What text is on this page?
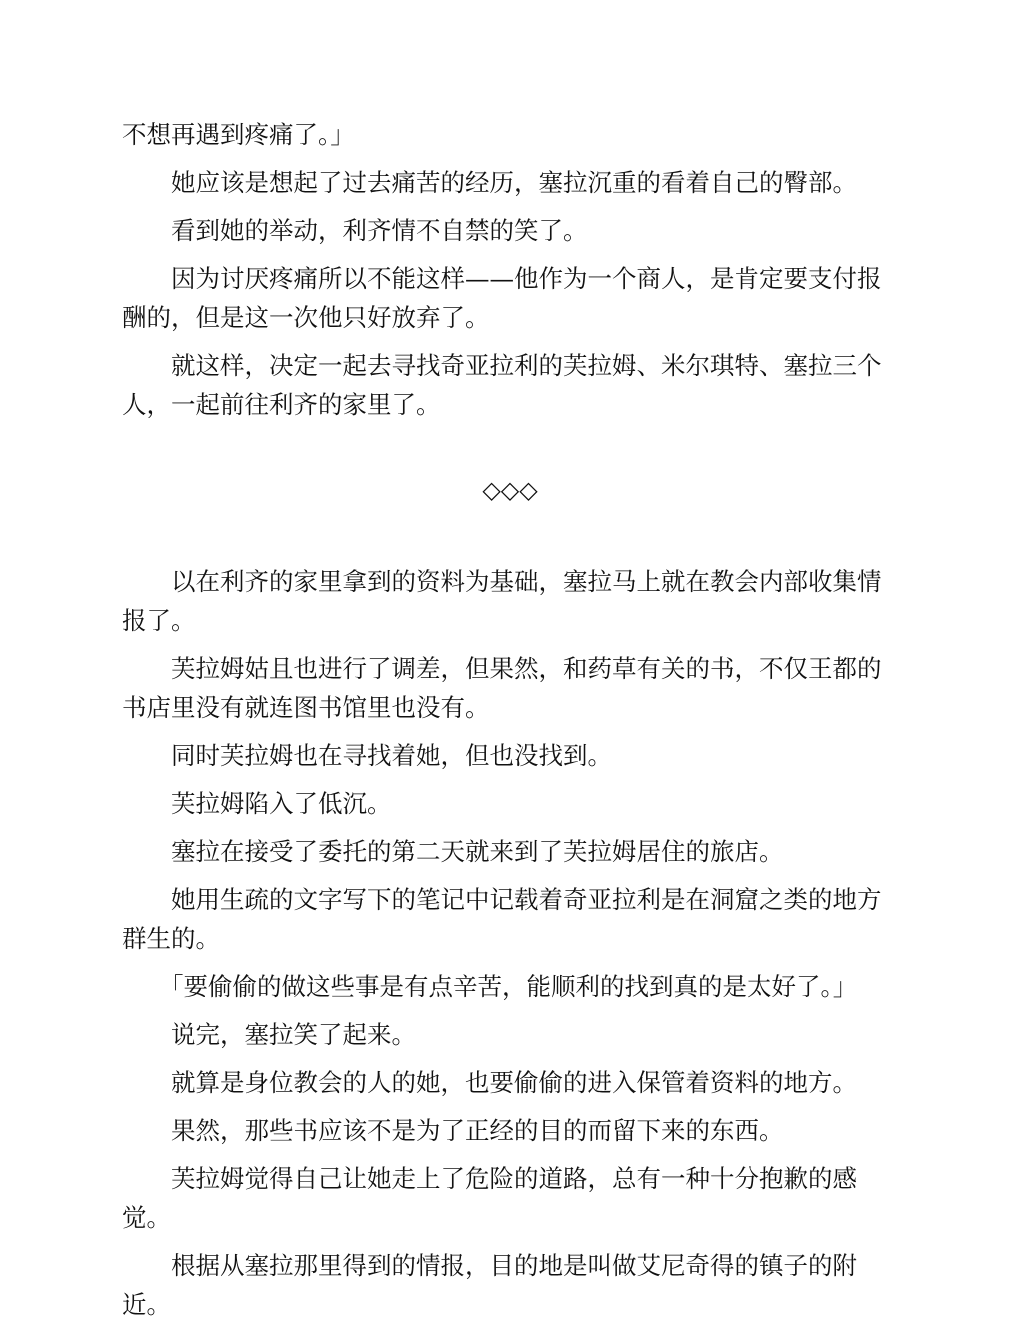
不想再遇到疼痛了。」

她应该是想起了过去痛苦的经历，塞拉沉重的看着自己的臀部。

看到她的举动，利齐情不自禁的笑了。

因为讨厌疼痛所以不能这样——他作为一个商人，是肯定要支付报酬的，但是这一次他只好放弃了。

就这样，决定一起去寻找奇亚拉利的芙拉姆、米尔琪特、塞拉三个人，一起前往利齐的家里了。

◇◇◇

以在利齐的家里拿到的资料为基础，塞拉马上就在教会内部收集情报了。

芙拉姆姑且也进行了调差，但果然，和药草有关的书，不仅王都的书店里没有就连图书馆里也没有。

同时芙拉姆也在寻找着她，但也没找到。

芙拉姆陷入了低沉。

塞拉在接受了委托的第二天就来到了芙拉姆居住的旅店。

她用生疏的文字写下的笔记中记载着奇亚拉利是在洞窟之类的地方群生的。

「要偷偷的做这些事是有点辛苦，能顺利的找到真的是太好了。」

说完，塞拉笑了起来。

就算是身位教会的人的她，也要偷偷的进入保管着资料的地方。

果然，那些书应该不是为了正经的目的而留下来的东西。

芙拉姆觉得自己让她走上了危险的道路，总有一种十分抱歉的感觉。

根据从塞拉那里得到的情报，目的地是叫做艾尼奇得的镇子的附近。
